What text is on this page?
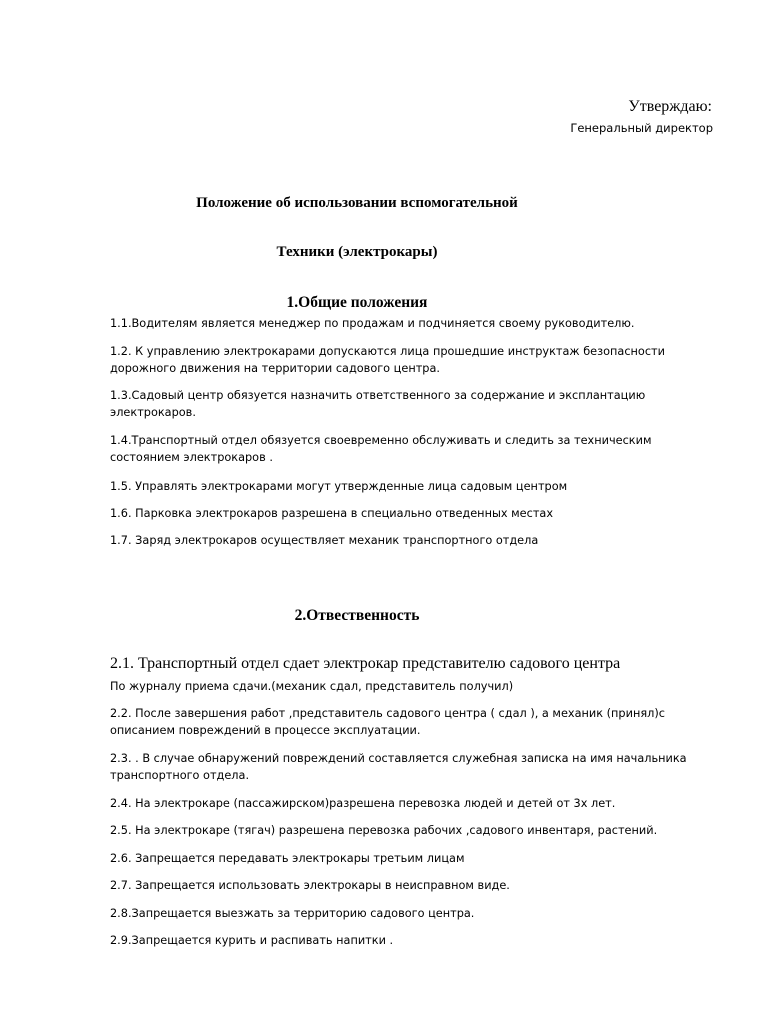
Утверждаю:
Генеральный директор
Положение об использовании вспомогательной
Техники (электрокары)
1.Общие положения
1.1.Водителям является менеджер по продажам и подчиняется своему руководителю.
1.2. К управлению электрокарами допускаются лица прошедшие инструктаж безопасности
дорожного движения на территории садового центра.
1.3.Садовый центр обязуется назначить ответственного за содержание и эксплантацию
электрокаров.
1.4.Транспортный отдел обязуется своевременно обслуживать и следить за техническим
состоянием электрокаров .
1.5. Управлять электрокарами могут утвержденные лица садовым центром
1.6. Парковка электрокаров разрешена в специально отведенных местах
1.7. Заряд электрокаров осуществляет механик транспортного отдела
2.Отвественность
2.1. Транспортный отдел сдает электрокар представителю садового центра
По журналу приема сдачи.(механик сдал, представитель получил)
2.2. После завершения работ ,представитель садового центра ( сдал ), а механик (принял)с
описанием повреждений в процессе эксплуатации.
2.3. . В случае обнаружений повреждений составляется служебная записка на имя начальника
транспортного отдела.
2.4. На электрокаре (пассажирском)разрешена перевозка людей и детей от 3х лет.
2.5. На электрокаре (тягач) разрешена перевозка рабочих ,садового инвентаря, растений.
2.6. Запрещается передавать электрокары третьим лицам
2.7. Запрещается использовать электрокары в неисправном виде.
2.8.Запрещается выезжать за территорию садового центра.
2.9.Запрещается курить и распивать напитки .
